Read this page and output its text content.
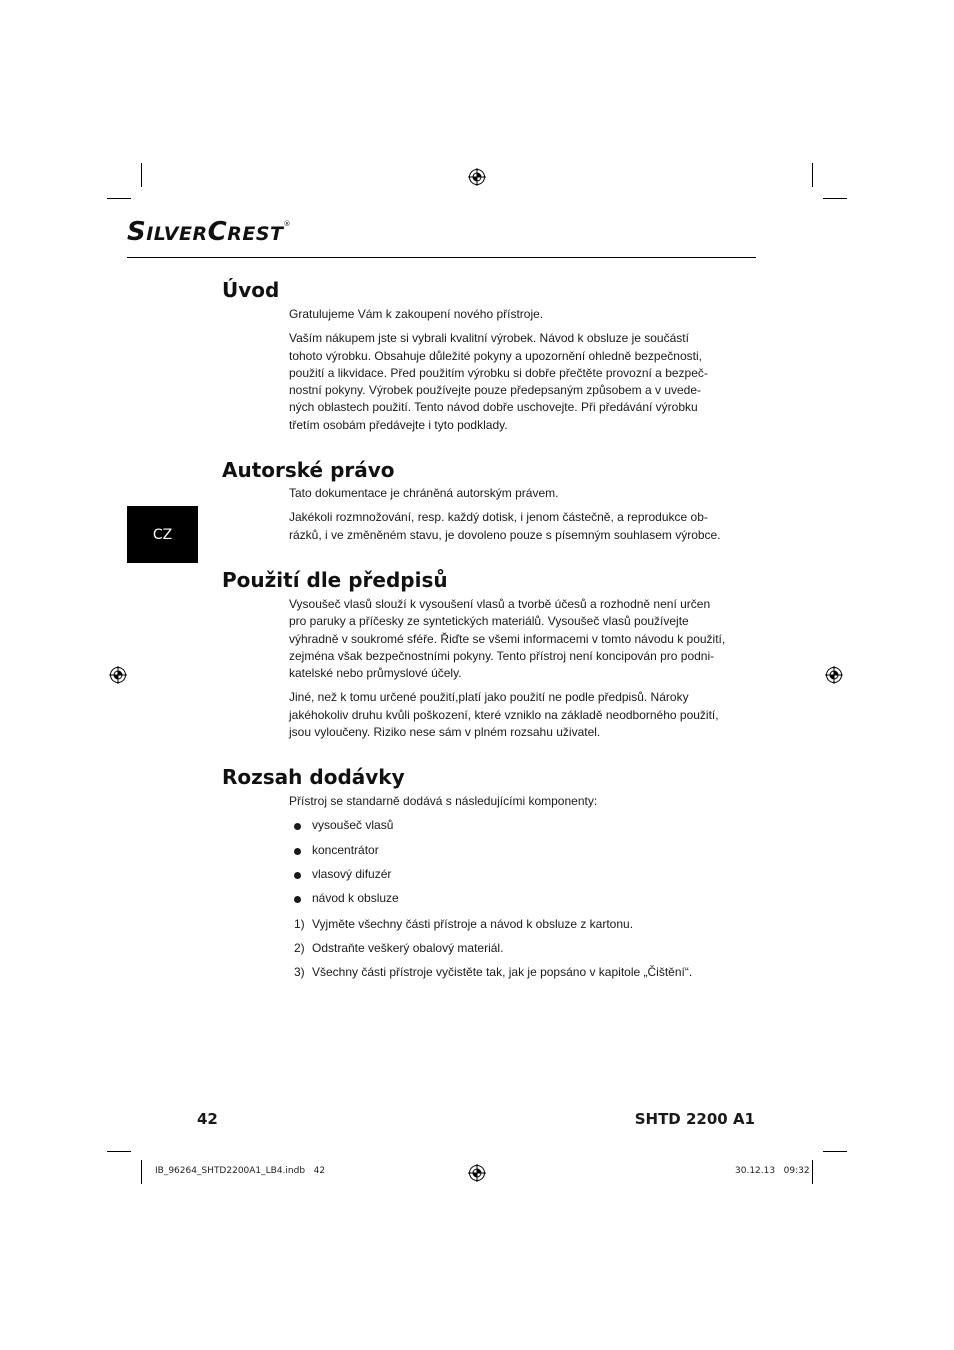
SILVERCREST®
Úvod

Gratulujeme Vám k zakoupení nového přístroje.

Vaším nákupem jste si vybrali kvalitní výrobek. Návod k obsluze je součástí
tohoto výrobku. Obsahuje důležité pokyny a upozornění ohledně bezpečnosti,
použití a likvidace. Před použitím výrobku si dobře přečtěte provozní a bezpeč-
nostní pokyny. Výrobek používejte pouze předepsaným způsobem a v uvede-
ných oblastech použití. Tento návod dobře uschovejte. Při předávání výrobku
třetím osobám předávejte i tyto podklady.

Autorské právo

Tato dokumentace je chráněná autorským právem.

Jakékoli rozmnožování, resp. každý dotisk, i jenom částečně, a reprodukce ob-
rázků, i ve změněném stavu, je dovoleno pouze s písemným souhlasem výrobce.

CZ
Použití dle předpisů

Vysoušeč vlasů slouží k vysoušení vlasů a tvorbě účesů a rozhodně není určen
pro paruky a příčesky ze syntetických materiálů. Vysoušeč vlasů používejte
výhradně v soukromé sféře. Řiďte se všemi informacemi v tomto návodu k použití,
zejména však bezpečnostními pokyny. Tento přístroj není koncipován pro podni-
katelské nebo průmyslové účely.

Jiné, než k tomu určené použití,platí jako použití ne podle předpisů. Nároky
jakéhokoliv druhu kvůli poškození, které vzniklo na základě neodborného použití,
jsou vyloučeny. Riziko nese sám v plném rozsahu uživatel.

Rozsah dodávky

Přístroj se standarně dodává s následujícími komponenty:

vysoušeč vlasů
koncentrátor
vlasový difuzér
návod k obsluze
1) Vyjměte všechny části přístroje a návod k obsluze z kartonu.
2) Odstraňte veškerý obalový materiál.
3) Všechny části přístroje vyčistěte tak, jak je popsáno v kapitole „Čištění“.
42	SHTD 2200 A1
IB_96264_SHTD2200A1_LB4.indb   42	30.12.13   09:32
